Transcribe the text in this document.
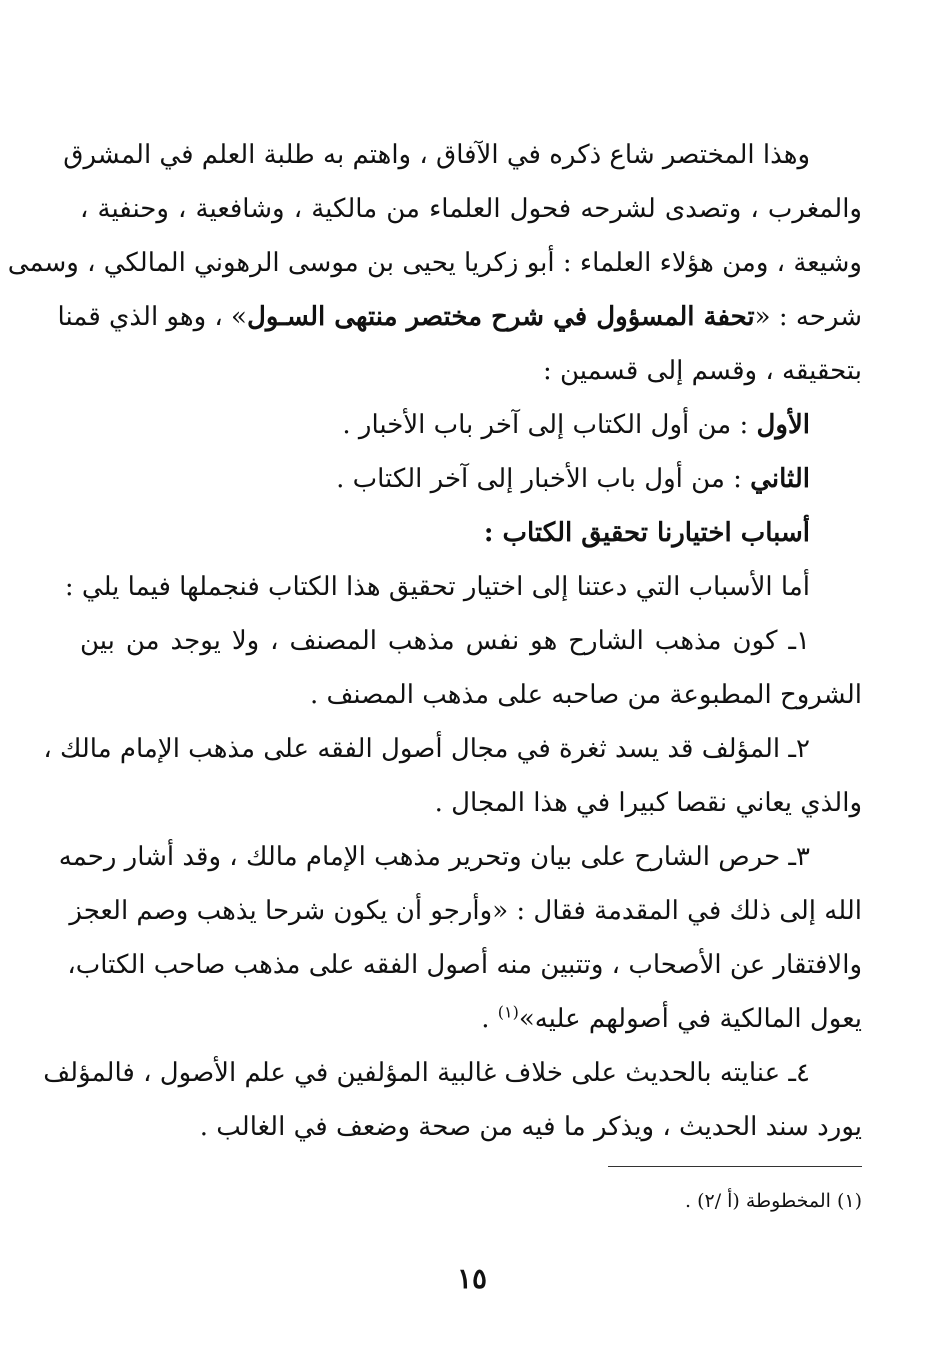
وهذا المختصر شاع ذكره في الآفاق ، واهتم به طلبة العلم في المشرق
والمغرب ، وتصدى لشرحه فحول العلماء من مالكية ، وشافعية ، وحنفية ،
وشيعة ، ومن هؤلاء العلماء : أبو زكريا يحيى بن موسى الرهوني المالكي ، وسمى
شرحه : «تحفة المسؤول في شرح مختصر منتهى السـول» ، وهو الذي قمنا
بتحقيقه ، وقسم إلى قسمين :
الأول : من أول الكتاب إلى آخر باب الأخبار .
الثاني : من أول باب الأخبار إلى آخر الكتاب .
أسباب اختيارنا تحقيق الكتاب :
أما الأسباب التي دعتنا إلى اختيار تحقيق هذا الكتاب فنجملها فيما يلي :
١ـ كون مذهب الشارح هو نفس مذهب المصنف ، ولا يوجد من بين
الشروح المطبوعة من صاحبه على مذهب المصنف .
٢ـ المؤلف قد يسد ثغرة في مجال أصول الفقه على مذهب الإمام مالك ،
والذي يعاني نقصا كبيرا في هذا المجال .
٣ـ حرص الشارح على بيان وتحرير مذهب الإمام مالك ، وقد أشار رحمه
الله إلى ذلك في المقدمة فقال : «وأرجو أن يكون شرحا يذهب وصم العجز
والافتقار عن الأصحاب ، وتتبين منه أصول الفقه على مذهب صاحب الكتاب،
يعول المالكية في أصولهم عليه»$^{(١)}$ .
٤ـ عنايته بالحديث على خلاف غالبية المؤلفين في علم الأصول ، فالمؤلف
يورد سند الحديث ، ويذكر ما فيه من صحة وضعف في الغالب .
(١) المخطوطة (أ /٢) .
١٥
